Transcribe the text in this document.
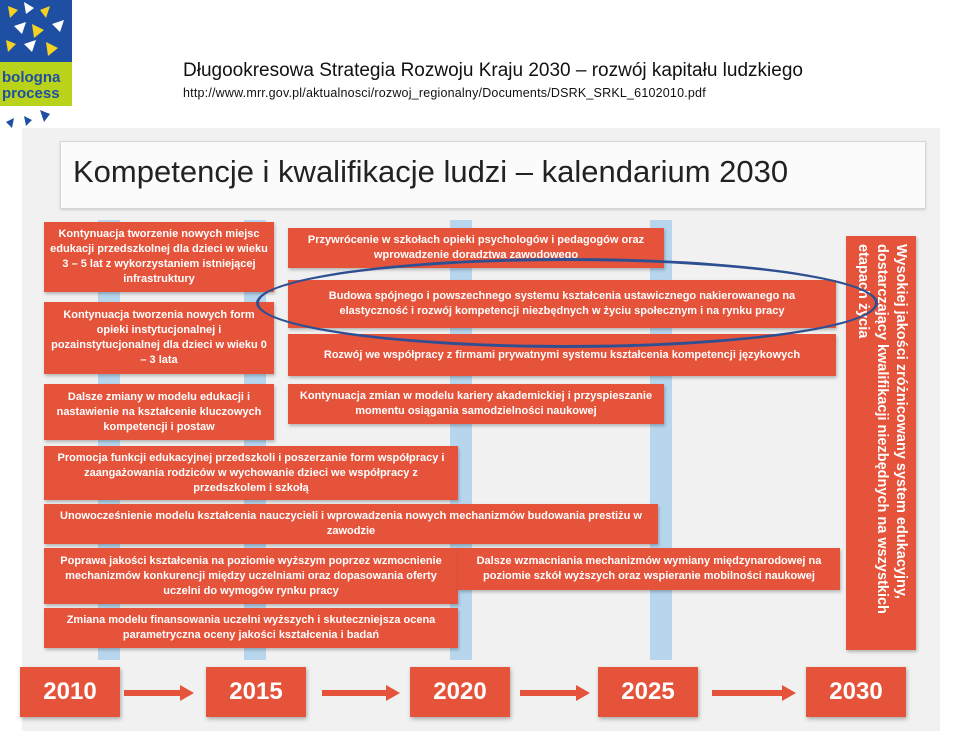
bologna
process
Długookresowa Strategia Rozwoju Kraju 2030 – rozwój kapitału ludzkiego
http://www.mrr.gov.pl/aktualnosci/rozwoj_regionalny/Documents/DSRK_SRKL_6102010.pdf
Kompetencje i kwalifikacje ludzi – kalendarium 2030
Kontynuacja tworzenie nowych miejsc edukacji przedszkolnej dla dzieci w wieku 3 – 5 lat z wykorzystaniem istniejącej infrastruktury
Kontynuacja tworzenia nowych form opieki instytucjonalnej i pozainstytucjonalnej dla dzieci w wieku 0 – 3 lata
Dalsze zmiany w modelu edukacji i nastawienie na kształcenie kluczowych kompetencji i postaw
Przywrócenie w szkołach opieki psychologów i pedagogów oraz wprowadzenie doradztwa zawodowego
Budowa spójnego i powszechnego systemu kształcenia ustawicznego nakierowanego na elastyczność i rozwój kompetencji niezbędnych w życiu społecznym i na rynku pracy
Rozwój we współpracy z firmami prywatnymi systemu kształcenia kompetencji językowych
Kontynuacja zmian w modelu kariery akademickiej i przyspieszanie momentu osiągania samodzielności naukowej
Promocja funkcji edukacyjnej przedszkoli i poszerzanie form współpracy i zaangażowania rodziców w wychowanie dzieci we współpracy z przedszkolem i szkołą
Unowocześnienie modelu kształcenia nauczycieli i wprowadzenia nowych mechanizmów budowania prestiżu w zawodzie
Poprawa jakości kształcenia na poziomie wyższym poprzez wzmocnienie mechanizmów konkurencji między uczelniami oraz dopasowania oferty uczelni do wymogów rynku pracy
Dalsze wzmacniania mechanizmów wymiany międzynarodowej na poziomie szkół wyższych oraz wspieranie mobilności naukowej
Zmiana modelu finansowania uczelni wyższych i skuteczniejsza ocena parametryczna oceny jakości kształcenia i badań
Wysokiej jakości zróżnicowany system edukacyjny, dostarczający kwalifikacji niezbędnych na wszystkich etapach życia
2010	2015	2020	2025	2030
